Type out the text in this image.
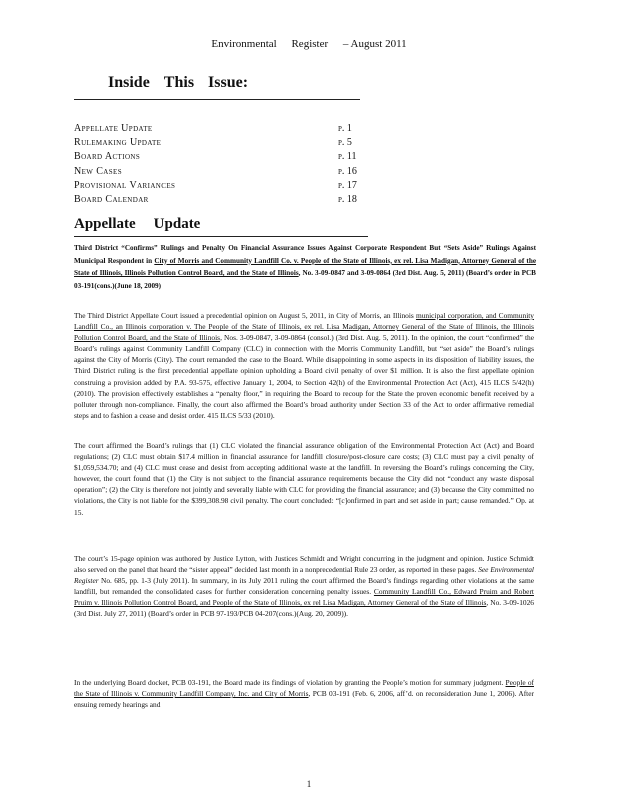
Environmental Register – August 2011
Inside This Issue:
Appellate Update	p. 1
Rulemaking Update	p. 5
Board Actions	p. 11
New Cases	p. 16
Provisional Variances	p. 17
Board Calendar	p. 18
Appellate Update
Third District “Confirms” Rulings and Penalty On Financial Assurance Issues Against Corporate Respondent But “Sets Aside” Rulings Against Municipal Respondent in City of Morris and Community Landfill Co. v. People of the State of Illinois, ex rel. Lisa Madigan, Attorney General of the State of Illinois, Illinois Pollution Control Board, and the State of Illinois, No. 3-09-0847 and 3-09-0864 (3rd Dist. Aug. 5, 2011) (Board’s order in PCB 03-191(cons.)(June 18, 2009)
The Third District Appellate Court issued a precedential opinion on August 5, 2011, in City of Morris, an Illinois municipal corporation, and Community Landfill Co., an Illinois corporation v. The People of the State of Illinois, ex rel. Lisa Madigan, Attorney General of the State of Illinois, the Illinois Pollution Control Board, and the State of Illinois, Nos. 3-09-0847, 3-09-0864 (consol.) (3rd Dist. Aug. 5, 2011). In the opinion, the court “confirmed” the Board’s rulings against Community Landfill Company (CLC) in connection with the Morris Community Landfill, but “set aside” the Board’s rulings against the City of Morris (City). The court remanded the case to the Board. While disappointing in some aspects in its disposition of liability issues, the Third District ruling is the first precedential appellate opinion upholding a Board civil penalty of over $1 million. It is also the first appellate opinion construing a provision added by P.A. 93-575, effective January 1, 2004, to Section 42(h) of the Environmental Protection Act (Act), 415 ILCS 5/42(h) (2010). The provision effectively establishes a “penalty floor,” in requiring the Board to recoup for the State the proven economic benefit received by a polluter through non-compliance. Finally, the court also affirmed the Board’s broad authority under Section 33 of the Act to order affirmative remedial steps and to fashion a cease and desist order. 415 ILCS 5/33 (2010).
The court affirmed the Board’s rulings that (1) CLC violated the financial assurance obligation of the Environmental Protection Act (Act) and Board regulations; (2) CLC must obtain $17.4 million in financial assurance for landfill closure/post-closure care costs; (3) CLC must pay a civil penalty of $1,059,534.70; and (4) CLC must cease and desist from accepting additional waste at the landfill. In reversing the Board’s rulings concerning the City, however, the court found that (1) the City is not subject to the financial assurance requirements because the City did not “conduct any waste disposal operation”; (2) the City is therefore not jointly and severally liable with CLC for providing the financial assurance; and (3) because the City committed no violations, the City is not liable for the $399,308.98 civil penalty. The court concluded: “[c]onfirmed in part and set aside in part; cause remanded.” Op. at 15.
The court’s 15-page opinion was authored by Justice Lytton, with Justices Schmidt and Wright concurring in the judgment and opinion. Justice Schmidt also served on the panel that heard the “sister appeal” decided last month in a nonprecedential Rule 23 order, as reported in these pages. See Environmental Register No. 685, pp. 1-3 (July 2011). In summary, in its July 2011 ruling the court affirmed the Board’s findings regarding other violations at the same landfill, but remanded the consolidated cases for further consideration concerning penalty issues. Community Landfill Co., Edward Pruim and Robert Pruim v. Illinois Pollution Control Board, and People of the State of Illinois, ex rel Lisa Madigan, Attorney General of the State of Illinois, No. 3-09-1026 (3rd Dist. July 27, 2011) (Board’s order in PCB 97-193/PCB 04-207(cons.)(Aug. 20, 2009)).
In the underlying Board docket, PCB 03-191, the Board made its findings of violation by granting the People’s motion for summary judgment. People of the State of Illinois v. Community Landfill Company, Inc. and City of Morris, PCB 03-191 (Feb. 6, 2006, aff’d. on reconsideration June 1, 2006). After ensuing remedy hearings and
1
